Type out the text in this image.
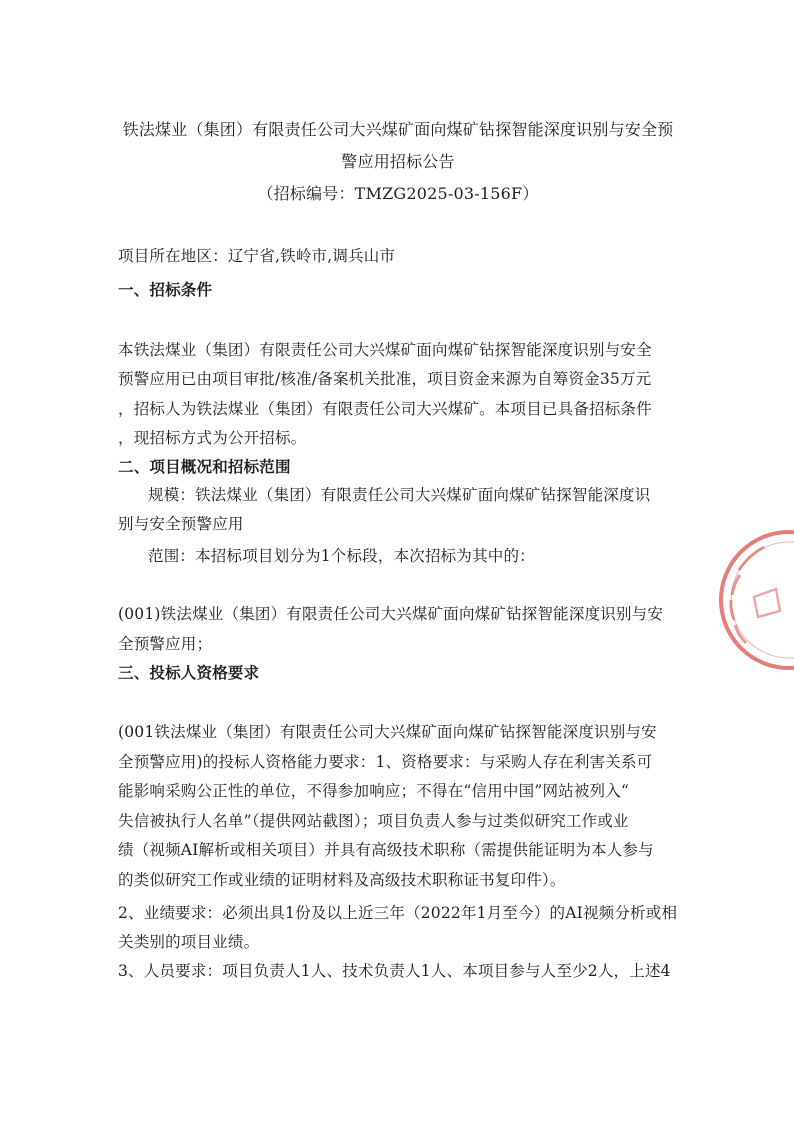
铁法煤业（集团）有限责任公司大兴煤矿面向煤矿钻探智能深度识别与安全预
警应用招标公告
（招标编号：TMZG2025-03-156F）
项目所在地区：辽宁省,铁岭市,调兵山市
一、招标条件
本铁法煤业（集团）有限责任公司大兴煤矿面向煤矿钻探智能深度识别与安全
预警应用已由项目审批/核准/备案机关批准，项目资金来源为自筹资金35万元
，招标人为铁法煤业（集团）有限责任公司大兴煤矿。本项目已具备招标条件
，现招标方式为公开招标。
二、项目概况和招标范围
规模：铁法煤业（集团）有限责任公司大兴煤矿面向煤矿钻探智能深度识
别与安全预警应用
范围：本招标项目划分为1个标段，本次招标为其中的：
(001)铁法煤业（集团）有限责任公司大兴煤矿面向煤矿钻探智能深度识别与安
全预警应用；
三、投标人资格要求
(001铁法煤业（集团）有限责任公司大兴煤矿面向煤矿钻探智能深度识别与安
全预警应用)的投标人资格能力要求：1、资格要求：与采购人存在利害关系可
能影响采购公正性的单位，不得参加响应；不得在“信用中国”网站被列入“
失信被执行人名单”（提供网站截图）；项目负责人参与过类似研究工作或业
绩（视频AI解析或相关项目）并具有高级技术职称（需提供能证明为本人参与
的类似研究工作或业绩的证明材料及高级技术职称证书复印件）。
2、业绩要求：必须出具1份及以上近三年（2022年1月至今）的AI视频分析或相
关类别的项目业绩。
3、人员要求：项目负责人1人、技术负责人1人、本项目参与人至少2人，上述4
